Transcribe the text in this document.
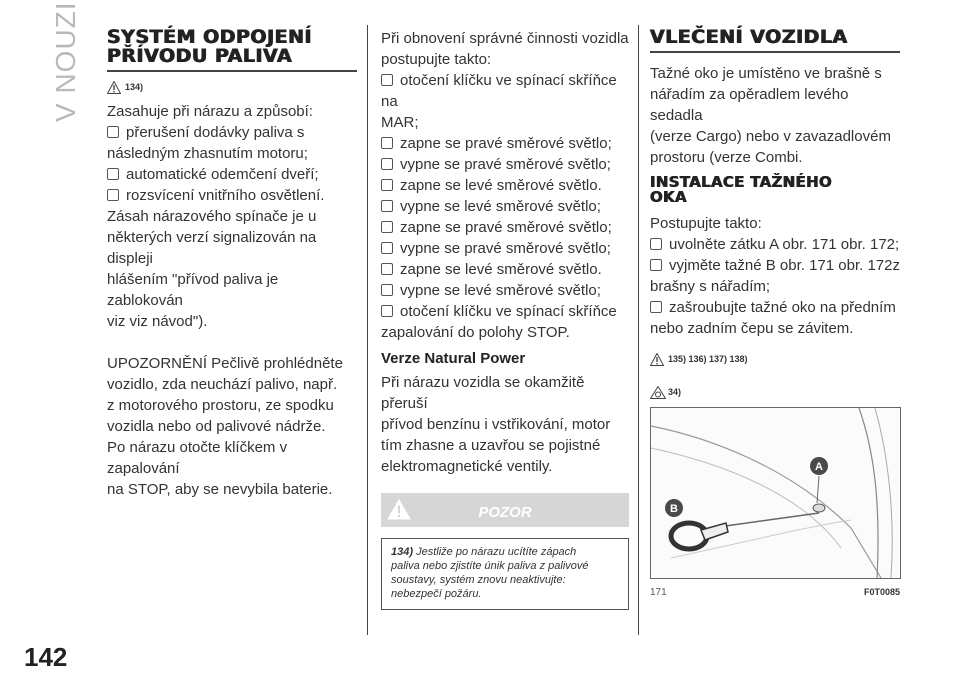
V NOUZI
142
SYSTÉM ODPOJENÍ PŘÍVODU PALIVA
134)

Zasahuje při nárazu a způsobí:

přerušení dodávky paliva s

následným zhasnutím motoru;

automatické odemčení dveří;

rozsvícení vnitřního osvětlení.

Zásah nárazového spínače je u

některých verzí signalizován na displeji

hlášením "přívod paliva je zablokován

viz viz návod").

UPOZORNĚNÍ Pečlivě prohlédněte

vozidlo, zda neuchází palivo, např.

z motorového prostoru, ze spodku

vozidla nebo od palivové nádrže.

Po nárazu otočte klíčkem v zapalování

na STOP, aby se nevybila baterie.

Při obnovení správné činnosti vozidla

postupujte takto:

otočení klíčku ve spínací skříňce na

MAR;

zapne se pravé směrové světlo;

vypne se pravé směrové světlo;

zapne se levé směrové světlo.

vypne se levé směrové světlo;

zapne se pravé směrové světlo;

vypne se pravé směrové světlo;

zapne se levé směrové světlo.

vypne se levé směrové světlo;

otočení klíčku ve spínací skříňce

zapalování do polohy STOP.

Verze Natural Power

Při nárazu vozidla se okamžitě přeruší

přívod benzínu i vstřikování, motor

tím zhasne a uzavřou se pojistné

elektromagnetické ventily.

POZOR
134) Jestliže po nárazu ucítíte zápach
paliva nebo zjistíte únik paliva z palivové
soustavy, systém znovu neaktivujte:
nebezpečí požáru.
VLEČENÍ VOZIDLA

Tažné oko je umístěno ve brašně s

nářadím za opěradlem levého sedadla

(verze Cargo) nebo v zavazadlovém

prostoru (verze Combi.

INSTALACE TAŽNÉHO OKA

Postupujte takto:

uvolněte zátku A obr. 171 obr. 172;

vyjměte tažné B obr. 171 obr. 172z

brašny s nářadím;

zašroubujte tažné oko na předním

nebo zadním čepu se závitem.

135) 136) 137) 138)
34)
A
B
171	F0T0085
